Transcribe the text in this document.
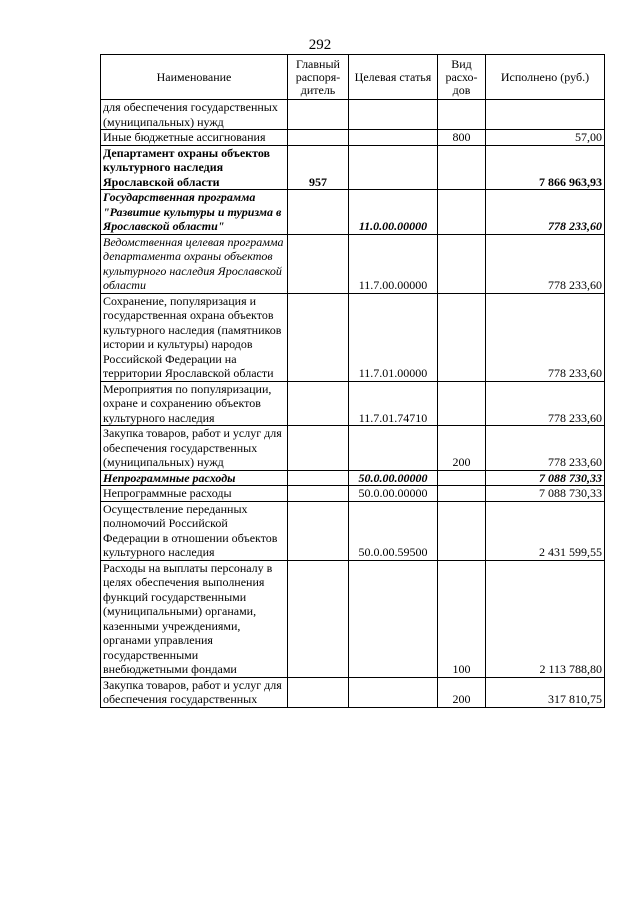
292
Наименование	Главный распоря-дитель	Целевая статья	Вид расхо-дов	Исполнено (руб.)
для обеспечения государственных (муниципальных) нужд				
Иные бюджетные ассигнования			800	57,00
Департамент охраны объектов культурного наследия Ярославской области	957			7 866 963,93
Государственная программа "Развитие культуры и туризма в Ярославской области"		11.0.00.00000		778 233,60
Ведомственная целевая программа департамента охраны объектов культурного наследия Ярославской области		11.7.00.00000		778 233,60
Сохранение, популяризация и государственная охрана объектов культурного наследия (памятников истории и культуры) народов Российской Федерации на территории Ярославской области		11.7.01.00000		778 233,60
Мероприятия по популяризации, охране и сохранению объектов культурного наследия		11.7.01.74710		778 233,60
Закупка товаров, работ и услуг для обеспечения государственных (муниципальных) нужд			200	778 233,60
Непрограммные расходы		50.0.00.00000		7 088 730,33
Непрограммные расходы		50.0.00.00000		7 088 730,33
Осуществление переданных полномочий Российской Федерации в отношении объектов культурного наследия		50.0.00.59500		2 431 599,55
Расходы на выплаты персоналу в целях обеспечения выполнения функций государственными (муниципальными) органами, казенными учреждениями, органами управления государственными внебюджетными фондами			100	2 113 788,80
Закупка товаров, работ и услуг для обеспечения государственных			200	317 810,75
